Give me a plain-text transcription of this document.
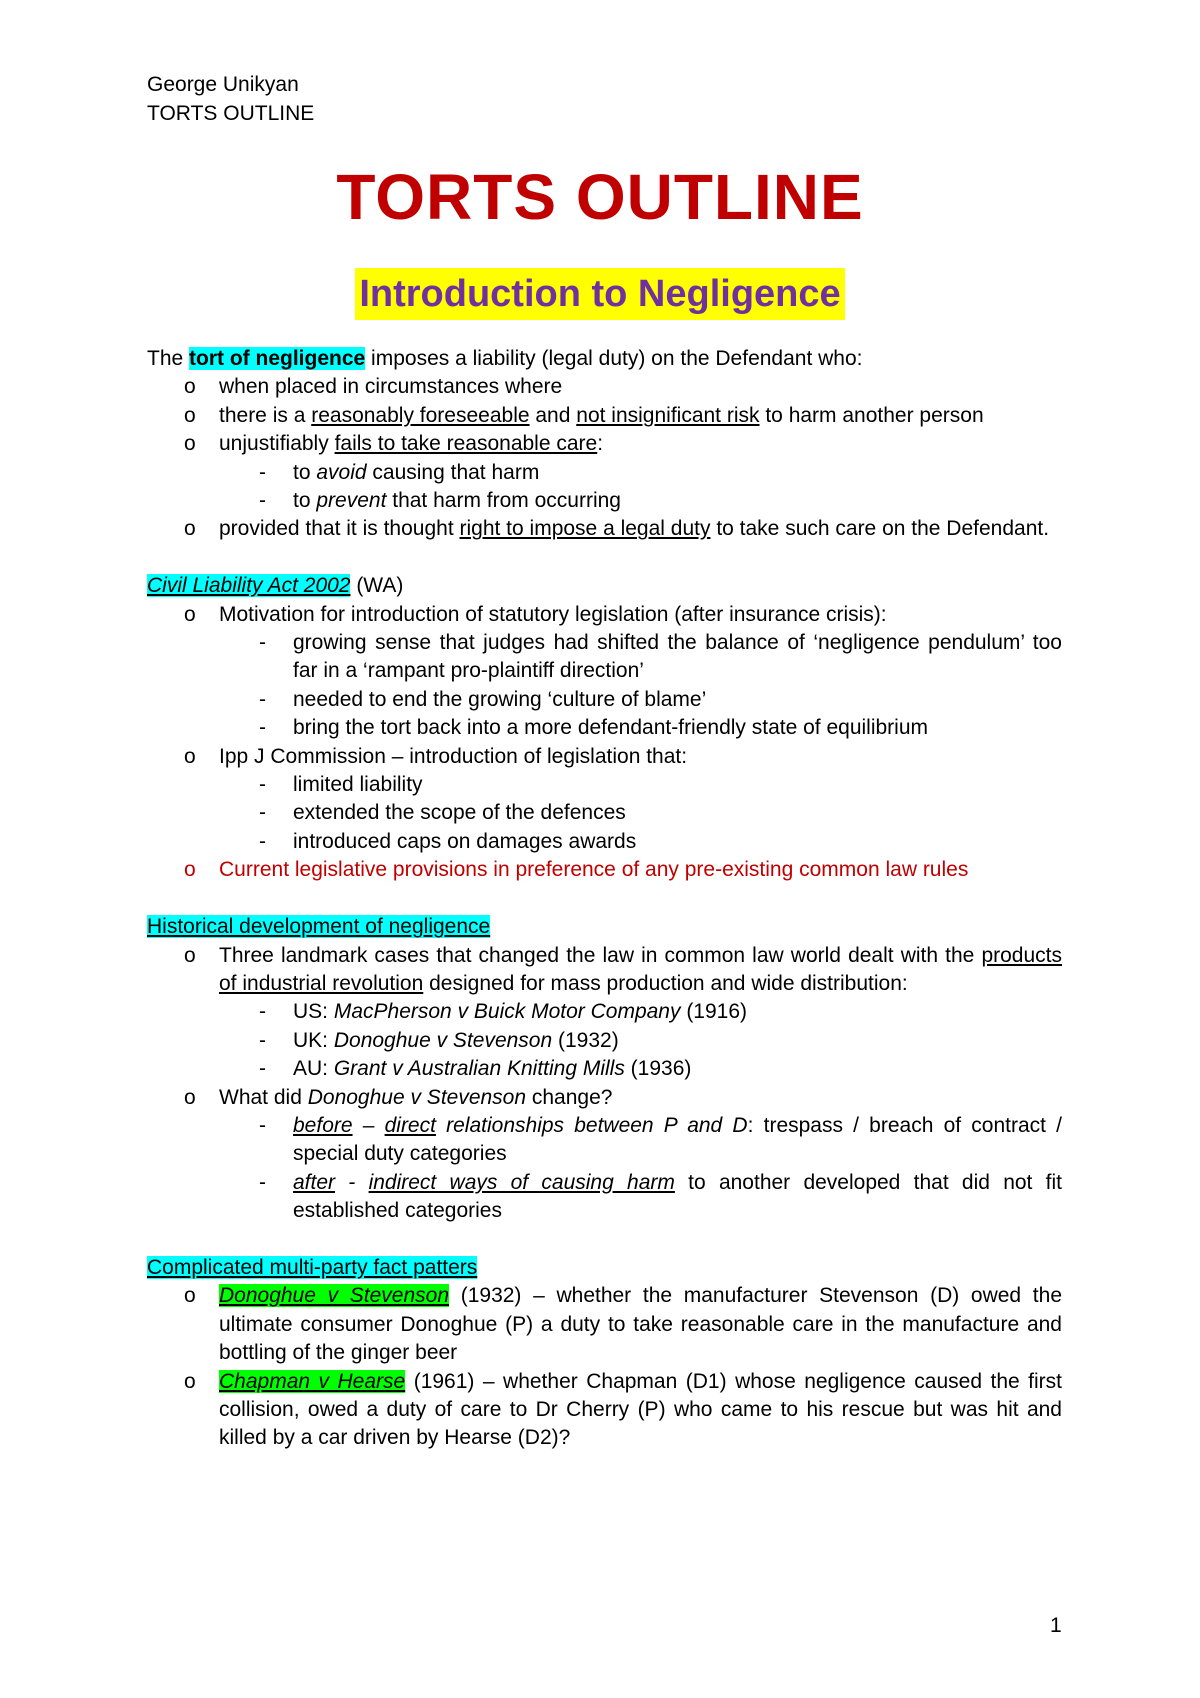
George Unikyan
TORTS OUTLINE
TORTS OUTLINE
Introduction to Negligence

The tort of negligence imposes a liability (legal duty) on the Defendant who:

o when placed in circumstances where

o there is a reasonably foreseeable and not insignificant risk to harm another person

o unjustifiably fails to take reasonable care:

- to avoid causing that harm

- to prevent that harm from occurring

o provided that it is thought right to impose a legal duty to take such care on the Defendant.

Civil Liability Act 2002 (WA)

o Motivation for introduction of statutory legislation (after insurance crisis):

- growing sense that judges had shifted the balance of ‘negligence pendulum’ too far in a ‘rampant pro-plaintiff direction’

- needed to end the growing ‘culture of blame’

- bring the tort back into a more defendant-friendly state of equilibrium

o Ipp J Commission – introduction of legislation that:

- limited liability

- extended the scope of the defences

- introduced caps on damages awards

o Current legislative provisions in preference of any pre-existing common law rules

Historical development of negligence

o Three landmark cases that changed the law in common law world dealt with the products of industrial revolution designed for mass production and wide distribution:

- US: MacPherson v Buick Motor Company (1916)

- UK: Donoghue v Stevenson (1932)

- AU: Grant v Australian Knitting Mills (1936)

o What did Donoghue v Stevenson change?

- before – direct relationships between P and D: trespass / breach of contract / special duty categories

- after - indirect ways of causing harm to another developed that did not fit established categories

Complicated multi-party fact patters

o Donoghue v Stevenson (1932) – whether the manufacturer Stevenson (D) owed the ultimate consumer Donoghue (P) a duty to take reasonable care in the manufacture and bottling of the ginger beer

o Chapman v Hearse (1961) – whether Chapman (D1) whose negligence caused the first collision, owed a duty of care to Dr Cherry (P) who came to his rescue but was hit and killed by a car driven by Hearse (D2)?

1
